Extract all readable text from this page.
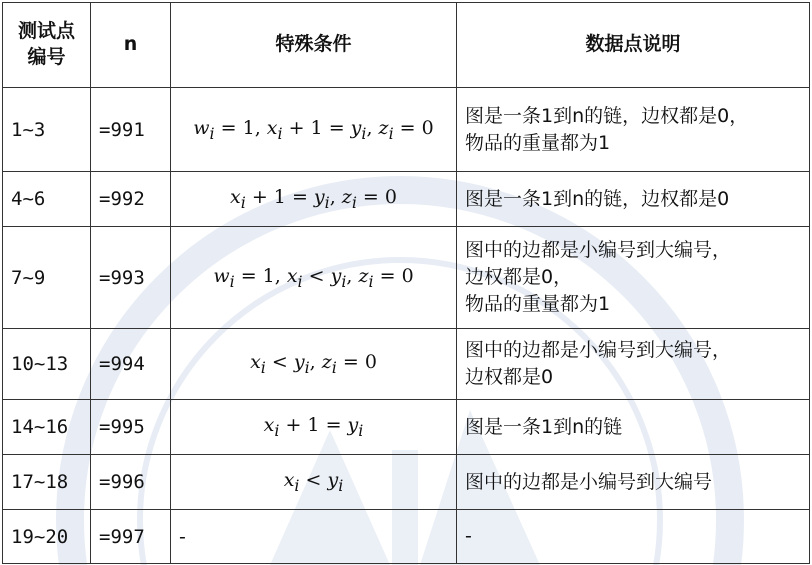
测试点
编号	n	特殊条件	数据点说明
1~3	=991	$w_i = 1$, $x_i + 1 = y_i$, $z_i = 0$	图是一条1到n的链，边权都是0，
物品的重量都为1

4~6	=992	$x_i + 1 = y_i$, $z_i = 0$	图是一条1到n的链，边权都是0

7~9	=993	$w_i = 1$, $x_i < y_i$, $z_i = 0$	图中的边都是小编号到大编号，
边权都是0，
物品的重量都为1

10~13	=994	$x_i < y_i$, $z_i = 0$	图中的边都是小编号到大编号，
边权都是0

14~16	=995	$x_i + 1 = y_i$	图是一条1到n的链

17~18	=996	$x_i < y_i$	图中的边都是小编号到大编号

19~20	=997	-	-
